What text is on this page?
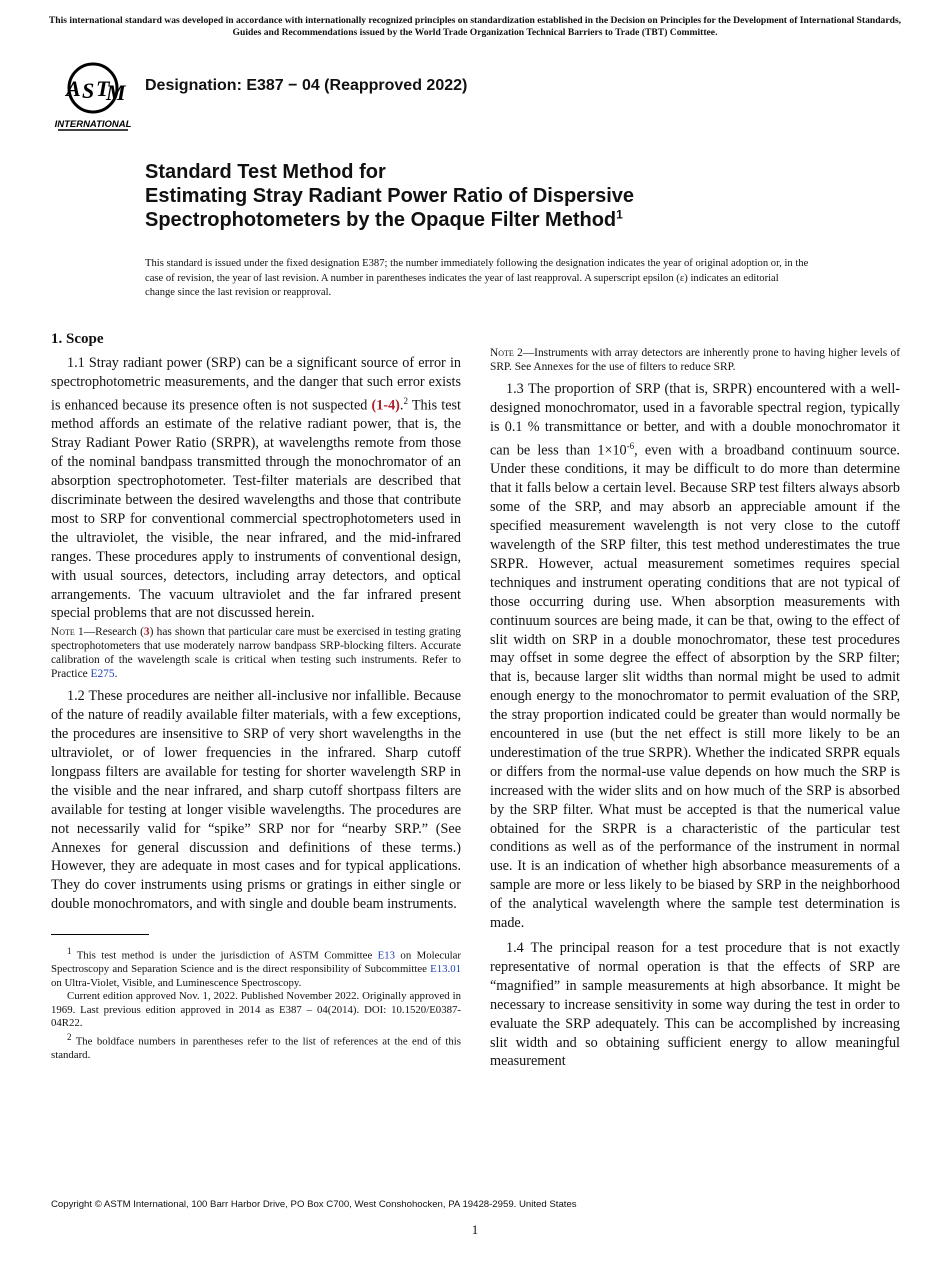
This international standard was developed in accordance with internationally recognized principles on standardization established in the Decision on Principles for the Development of International Standards, Guides and Recommendations issued by the World Trade Organization Technical Barriers to Trade (TBT) Committee.
A S T
M
INTERNATIONAL
Designation: E387 − 04 (Reapproved 2022)
Standard Test Method for
Estimating Stray Radiant Power Ratio of Dispersive
Spectrophotometers by the Opaque Filter Method$^1$
This standard is issued under the fixed designation E387; the number immediately following the designation indicates the year of original adoption or, in the case of revision, the year of last revision. A number in parentheses indicates the year of last reapproval. A superscript epsilon (ε) indicates an editorial change since the last revision or reapproval.
1. Scope

1.1 Stray radiant power (SRP) can be a significant source of error in spectrophotometric measurements, and the danger that such error exists is enhanced because its presence often is not suspected (1-4).$^2$ This test method affords an estimate of the relative radiant power, that is, the Stray Radiant Power Ratio (SRPR), at wavelengths remote from those of the nominal bandpass transmitted through the monochromator of an absorption spectrophotometer. Test-filter materials are described that discriminate between the desired wavelengths and those that contribute most to SRP for conventional commercial spectrophotometers used in the ultraviolet, the visible, the near infrared, and the mid-infrared ranges. These procedures apply to instruments of conventional design, with usual sources, detectors, including array detectors, and optical arrangements. The vacuum ultraviolet and the far infrared present special problems that are not discussed herein.

Note 1—Research (3) has shown that particular care must be exercised in testing grating spectrophotometers that use moderately narrow bandpass SRP-blocking filters. Accurate calibration of the wavelength scale is critical when testing such instruments. Refer to Practice E275.

1.2 These procedures are neither all-inclusive nor infallible. Because of the nature of readily available filter materials, with a few exceptions, the procedures are insensitive to SRP of very short wavelengths in the ultraviolet, or of lower frequencies in the infrared. Sharp cutoff longpass filters are available for testing for shorter wavelength SRP in the visible and the near infrared, and sharp cutoff shortpass filters are available for testing at longer visible wavelengths. The procedures are not necessarily valid for “spike” SRP nor for “nearby SRP.” (See Annexes for general discussion and definitions of these terms.) However, they are adequate in most cases and for typical applications. They do cover instruments using prisms or gratings in either single or double monochromators, and with single and double beam instruments.

$^1$ This test method is under the jurisdiction of ASTM Committee E13 on Molecular Spectroscopy and Separation Science and is the direct responsibility of Subcommittee E13.01 on Ultra-Violet, Visible, and Luminescence Spectroscopy.

Current edition approved Nov. 1, 2022. Published November 2022. Originally approved in 1969. Last previous edition approved in 2014 as E387 – 04(2014). DOI: 10.1520/E0387-04R22.

$^2$ The boldface numbers in parentheses refer to the list of references at the end of this standard.

Note 2—Instruments with array detectors are inherently prone to having higher levels of SRP. See Annexes for the use of filters to reduce SRP.

1.3 The proportion of SRP (that is, SRPR) encountered with a well-designed monochromator, used in a favorable spectral region, typically is 0.1 % transmittance or better, and with a double monochromator it can be less than $1\times 10^{-6}$, even with a broadband continuum source. Under these conditions, it may be difficult to do more than determine that it falls below a certain level. Because SRP test filters always absorb some of the SRP, and may absorb an appreciable amount if the specified measurement wavelength is not very close to the cutoff wavelength of the SRP filter, this test method underestimates the true SRPR. However, actual measurement sometimes requires special techniques and instrument operating conditions that are not typical of those occurring during use. When absorption measurements with continuum sources are being made, it can be that, owing to the effect of slit width on SRP in a double monochromator, these test procedures may offset in some degree the effect of absorption by the SRP filter; that is, because larger slit widths than normal might be used to admit enough energy to the monochromator to permit evaluation of the SRP, the stray proportion indicated could be greater than would normally be encountered in use (but the net effect is still more likely to be an underestimation of the true SRPR). Whether the indicated SRPR equals or differs from the normal-use value depends on how much the SRP is increased with the wider slits and on how much of the SRP is absorbed by the SRP filter. What must be accepted is that the numerical value obtained for the SRPR is a characteristic of the particular test conditions as well as of the performance of the instrument in normal use. It is an indication of whether high absorbance measurements of a sample are more or less likely to be biased by SRP in the neighborhood of the analytical wavelength where the sample test determination is made.

1.4 The principal reason for a test procedure that is not exactly representative of normal operation is that the effects of SRP are “magnified” in sample measurements at high absorbance. It might be necessary to increase sensitivity in some way during the test in order to evaluate the SRP adequately. This can be accomplished by increasing slit width and so obtaining sufficient energy to allow meaningful measurement

Copyright © ASTM International, 100 Barr Harbor Drive, PO Box C700, West Conshohocken, PA 19428-2959. United States
1
